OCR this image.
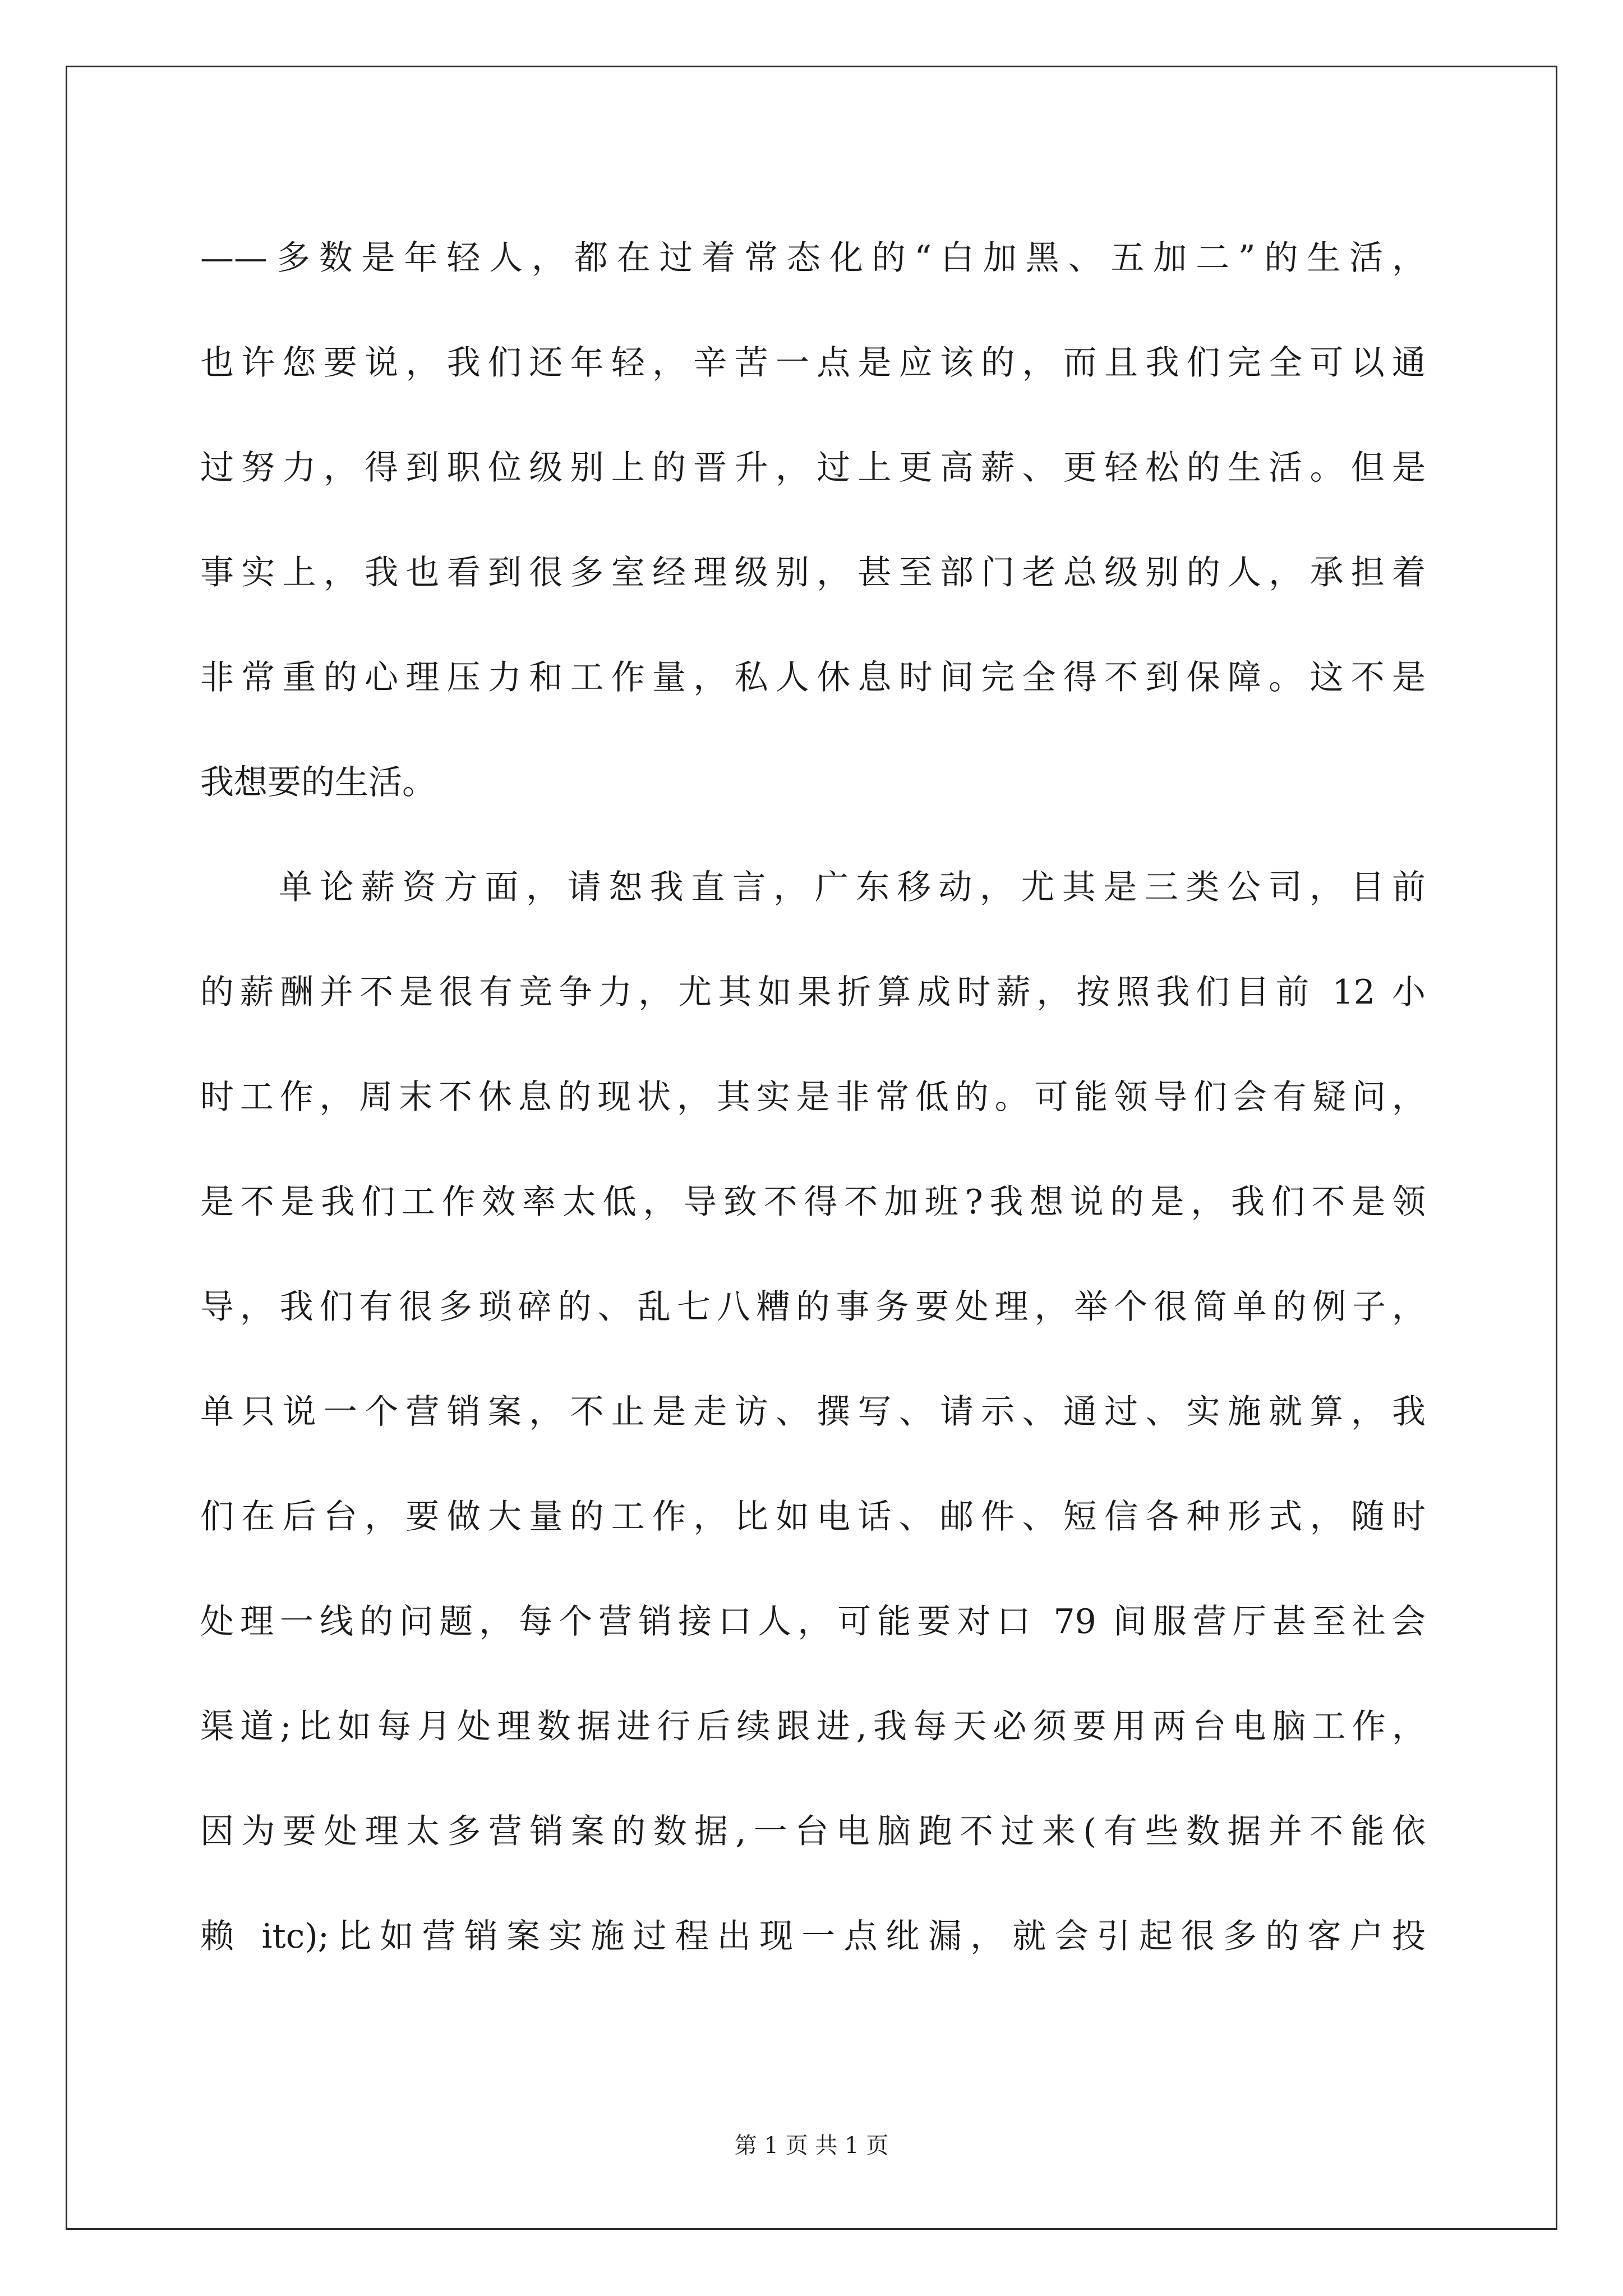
——多数是年轻人，都在过着常态化的“白加黑、五加二”的生活，
也许您要说，我们还年轻，辛苦一点是应该的，而且我们完全可以通
过努力，得到职位级别上的晋升，过上更高薪、更轻松的生活。但是
事实上，我也看到很多室经理级别，甚至部门老总级别的人，承担着
非常重的心理压力和工作量，私人休息时间完全得不到保障。这不是
我想要的生活。
单论薪资方面，请恕我直言，广东移动，尤其是三类公司，目前
的薪酬并不是很有竞争力，尤其如果折算成时薪，按照我们目前 12 小
时工作，周末不休息的现状，其实是非常低的。可能领导们会有疑问，
是不是我们工作效率太低，导致不得不加班?我想说的是，我们不是领
导，我们有很多琐碎的、乱七八糟的事务要处理，举个很简单的例子，
单只说一个营销案，不止是走访、撰写、请示、通过、实施就算，我
们在后台，要做大量的工作，比如电话、邮件、短信各种形式，随时
处理一线的问题，每个营销接口人，可能要对口 79 间服营厅甚至社会
渠道;比如每月处理数据进行后续跟进,我每天必须要用两台电脑工作，
因为要处理太多营销案的数据,一台电脑跑不过来(有些数据并不能依
赖 itc);比如营销案实施过程出现一点纰漏，就会引起很多的客户投
第 1 页 共 1 页
